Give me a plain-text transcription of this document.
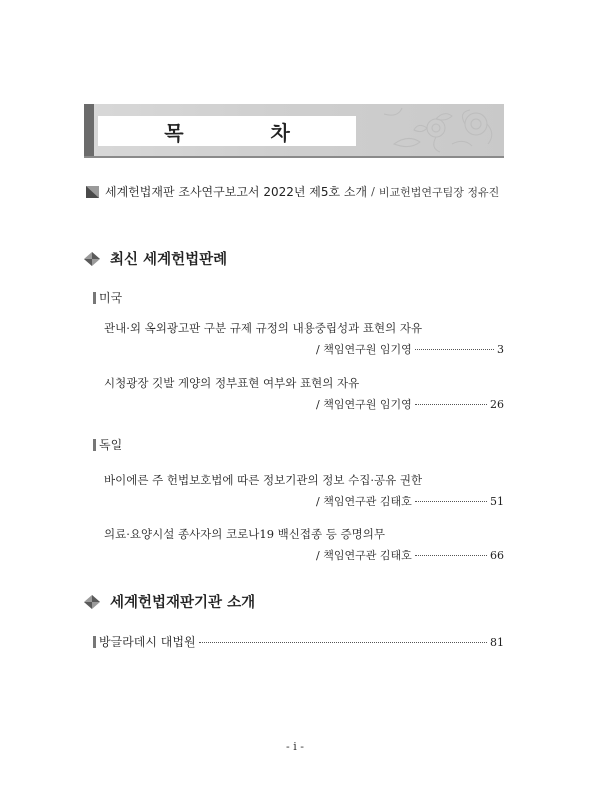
목 차
세계헌법재판 조사연구보고서 2022년 제5호 소개 / 비교헌법연구팀장 정유진
최신 세계헌법판례
미국
관내·외 옥외광고판 구분 규제 규정의 내용중립성과 표현의 자유
/ 책임연구원 임기영	3
시청광장 깃발 게양의 정부표현 여부와 표현의 자유
/ 책임연구원 임기영	26
독일
바이에른 주 헌법보호법에 따른 정보기관의 정보 수집·공유 권한
/ 책임연구관 김태호	51
의료·요양시설 종사자의 코로나19 백신접종 등 증명의무
/ 책임연구관 김태호	66
세계헌법재판기관 소개
방글라데시 대법원	81
- i -
